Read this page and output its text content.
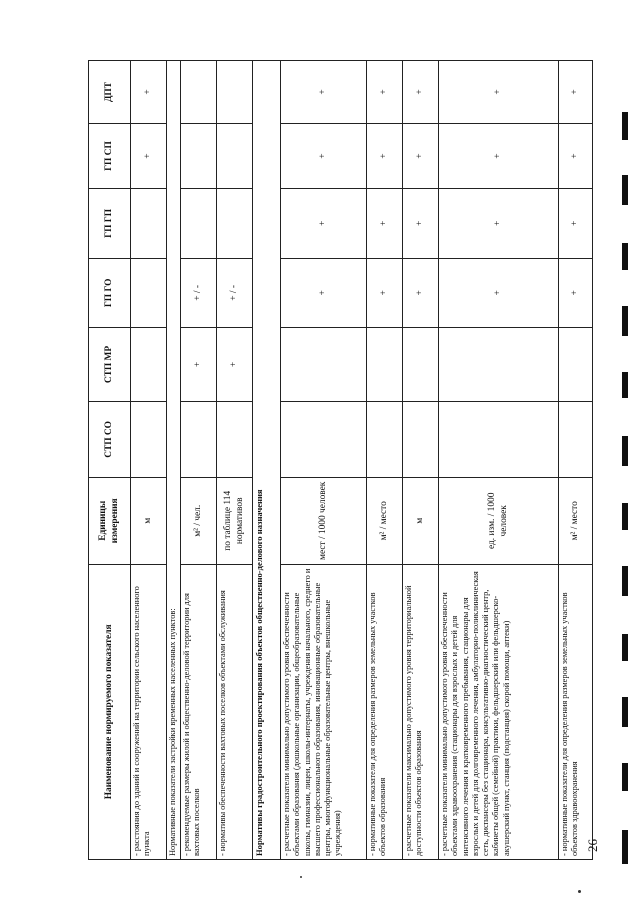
Наименование нормируемого показателя	Единицы измерения	СТП СО	СТП МР	ГП ГО	ГП ГП	ГП СП	ДПТ
- расстояния до зданий и сооружений на территории сельского населенного пункта	м					+	+
Нормативные показатели застройки временных населенных пунктов:							
- рекомендуемые размеры жилой и общественно-деловой территории для вахтовых поселков	м² / чел.		+	+ / -			
- нормативы обеспеченности вахтовых поселков объектами обслуживания	по таблице 114 нормативов		+	+ / -			
Нормативы градостроительного проектирования объектов общественно-делового назначения							
- расчетные показатели минимально допустимого уровня обеспеченности объектами образования (дошкольные организации, общеобразовательные школы, гимназии, лицеи, школы-интернаты, учреждения начального, среднего и высшего профессионального образования, инновационные образовательные центры, многофункциональные образовательные центры, внешкольные учреждения)	мест / 1000 человек			+	+	+	+
- нормативные показатели для определения размеров земельных участков объектов образования	м² / место			+	+	+	+
- расчетные показатели максимально допустимого уровня территориальной доступности объектов образования	м			+	+	+	+
- расчетные показатели минимально допустимого уровня обеспеченности объектами здравоохранения (стационары для взрослых и детей для интенсивного лечения и кратковременного пребывания, стационары для взрослых и детей для долговременного лечения, амбулаторно-поликлиническая сеть, диспансеры без стационара, консультативно-диагностический центр, кабинеты общей (семейной) практики, фельдшерский или фельдшерско-акушерский пункт, станция (подстанция) скорой помощи, аптеки)	ед. изм. / 1000 человек			+	+	+	+
- нормативные показатели для определения размеров земельных участков объектов здравоохранения	м² / место			+	+	+	+
26
